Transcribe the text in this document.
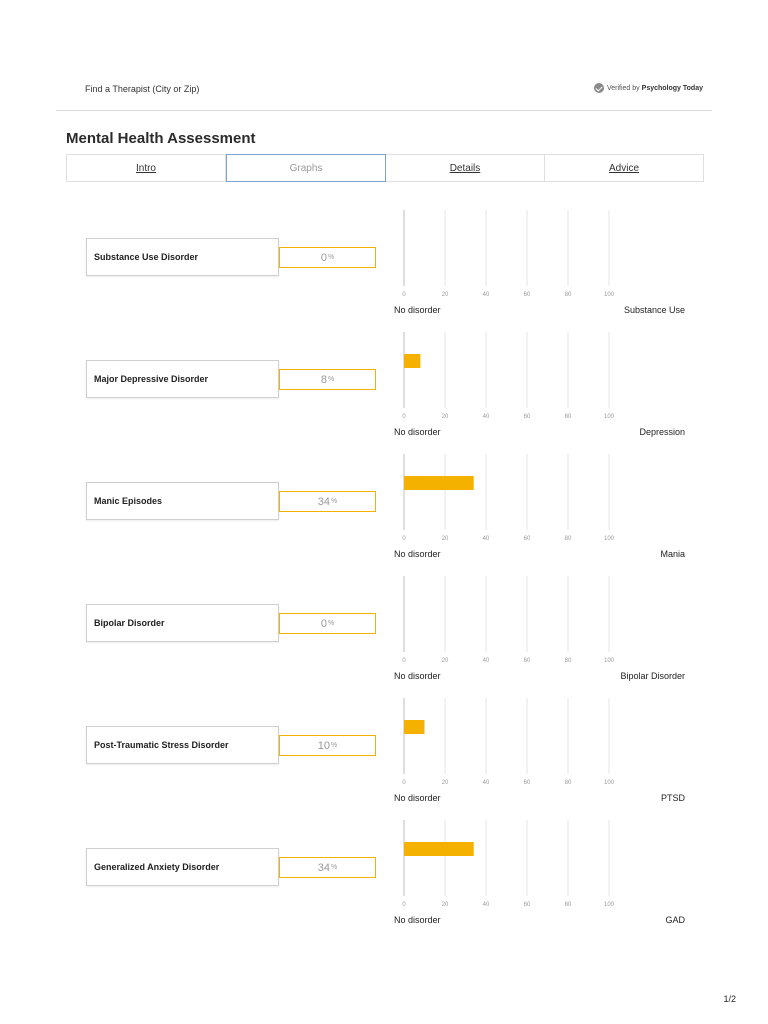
Find a Therapist (City or Zip)	Verified by Psychology Today
Mental Health Assessment
Intro	Graphs	Details	Advice
Substance Use Disorder	0 %
0	20	40	60	80	100
No disorder	Substance Use
Major Depressive Disorder	8 %
0	20	40	60	80	100
No disorder	Depression
Manic Episodes	34 %
0	20	40	60	80	100
No disorder	Mania
Bipolar Disorder	0 %
0	20	40	60	80	100
No disorder	Bipolar Disorder
Post-Traumatic Stress Disorder	10 %
0	20	40	60	80	100
No disorder	PTSD
Generalized Anxiety Disorder	34 %
0	20	40	60	80	100
No disorder	GAD
1/2
